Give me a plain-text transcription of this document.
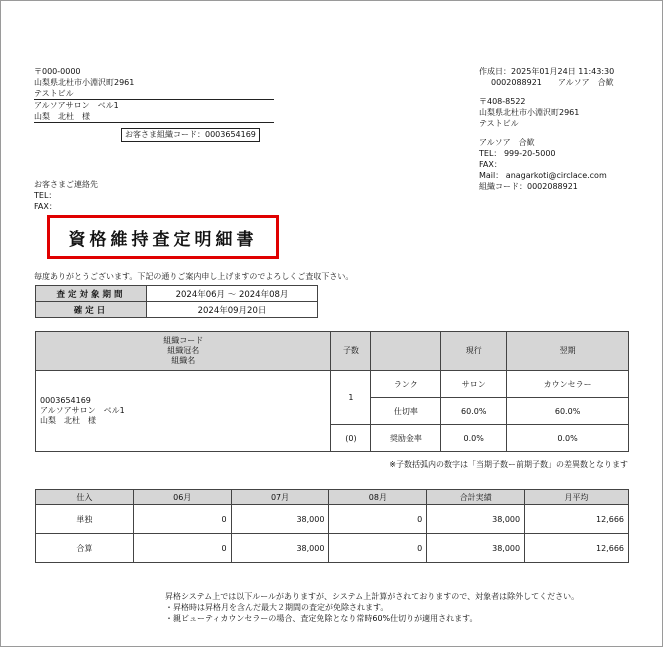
〒000-0000
山梨県北杜市小淵沢町2961
テストビル
アルソアサロン　ベル1
山梨　北杜　様
お客さま組織コード：0003654169
作成日：2025年01月24日 11:43:30
0002088921　　アルソア　合歓
〒408-8522
山梨県北杜市小淵沢町2961
テストビル
アルソア　合歓
TEL： 999-20-5000
FAX：
Mail： anagarkoti@circlace.com
組織コード：0002088921
お客さまご連絡先
TEL：
FAX：
資格維持査定明細書
毎度ありがとうございます。下記の通りご案内申し上げますのでよろしくご査収下さい。
査定対象期間	2024年06月 ～ 2024年08月
確定日	2024年09月20日
組織コード
組織冠名
組織名	子数		現行	翌期

0003654169
アルソアサロン　ベル1
山梨　北杜　様	1	ランク	サロン	カウンセラー
		仕切率	60.0%	60.0%
	(0)	奨励金率	0.0%	0.0%
※子数括弧内の数字は「当期子数ー前期子数」の差異数となります
仕入	06月	07月	08月	合計実績	月平均
単独	0	38,000	0	38,000	12,666
合算	0	38,000	0	38,000	12,666
昇格システム上では以下ルールがありますが、システム上計算がされておりますので、対象者は除外してください。
・昇格時は昇格月を含んだ最大２期間の査定が免除されます。
・親ビューティカウンセラーの場合、査定免除となり常時60%仕切りが適用されます。
